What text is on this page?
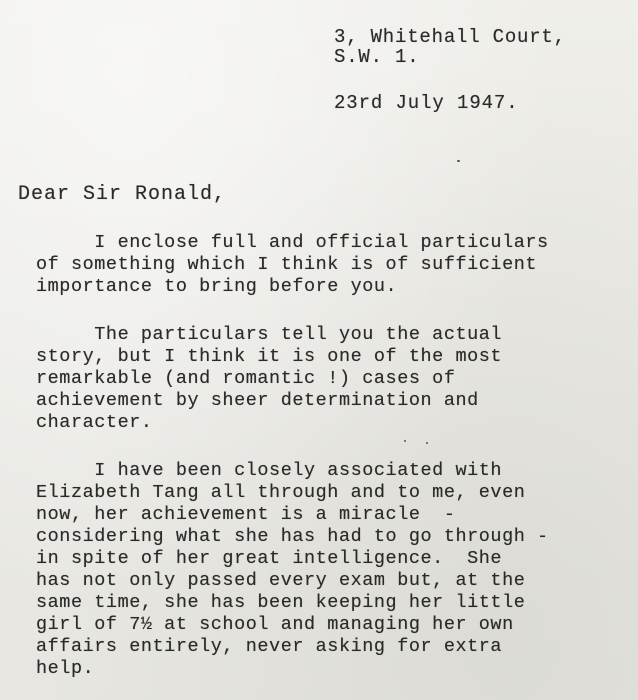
3, Whitehall Court,

S.W. 1.

23rd July 1947.

Dear Sir Ronald,

I enclose full and official particulars
of something which I think is of sufficient
importance to bring before you.
The particulars tell you the actual
story, but I think it is one of the most
remarkable (and romantic !) cases of
achievement by sheer determination and
character.
I have been closely associated with
Elizabeth Tang all through and to me, even
now, her achievement is a miracle  -
considering what she has had to go through -
in spite of her great intelligence.  She
has not only passed every exam but, at the
same time, she has been keeping her little
girl of 7½ at school and managing her own
affairs entirely, never asking for extra
help.
